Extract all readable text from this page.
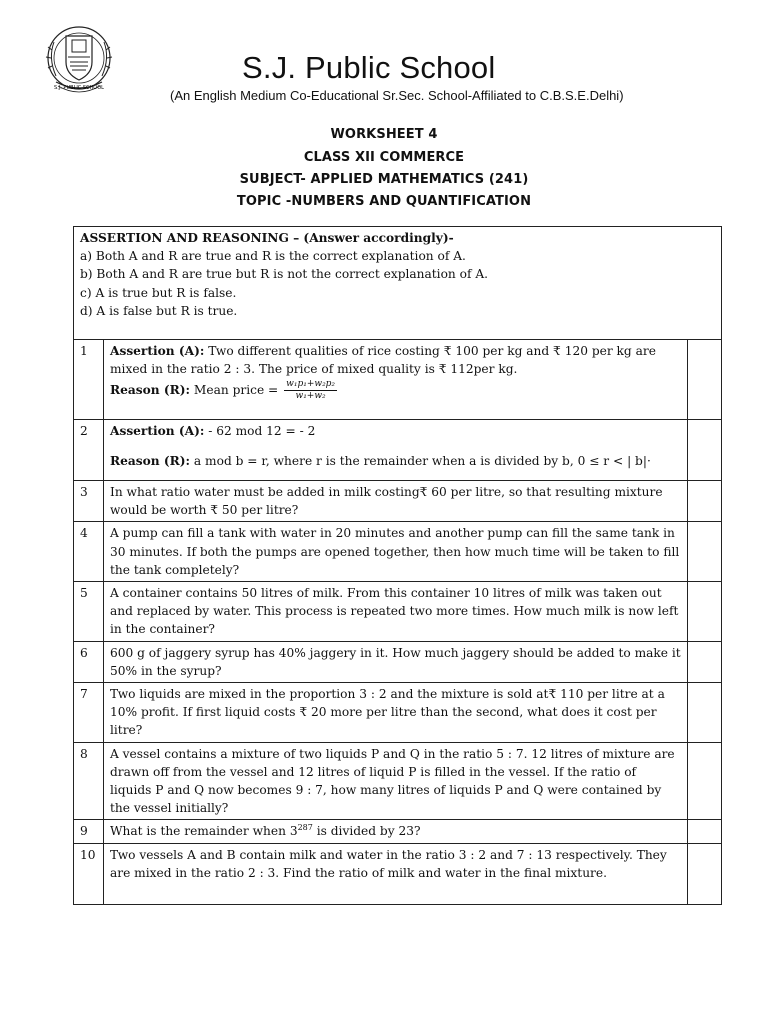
S.J. PUBLIC SCHOOL
S.J. Public School
(An English Medium Co-Educational Sr.Sec. School-Affiliated to C.B.S.E.Delhi)
WORKSHEET 4
CLASS XII COMMERCE
SUBJECT- APPLIED MATHEMATICS (241)
TOPIC -NUMBERS AND QUANTIFICATION
ASSERTION AND REASONING – (Answer accordingly)-
a) Both A and R are true and R is the correct explanation of A.
b) Both A and R are true but R is not the correct explanation of A.
c) A is true but R is false.
d) A is false but R is true.		

1	Assertion (A): Two different qualities of rice costing ₹ 100 per kg and ₹ 120 per kg are mixed in the ratio 2 : 3. The price of mixed quality is ₹ 112per kg.
Reason (R): Mean price = $\frac{\text{w₁p₁+w₂p₂}}{\text{w₁+w₂}}$

2	Assertion (A): - 62 mod 12 = - 2
Reason (R): a mod b = r, where r is the remainder when a is divided by b, 0 ≤ r < | b|·	

3	In what ratio water must be added in milk costing₹ 60 per litre, so that resulting mixture would be worth ₹ 50 per litre?	
4	A pump can fill a tank with water in 20 minutes and another pump can fill the same tank in 30 minutes. If both the pumps are opened together, then how much time will be taken to fill the tank completely?	
5	A container contains 50 litres of milk. From this container 10 litres of milk was taken out and replaced by water. This process is repeated two more times. How much milk is now left in the container?	
6	600 g of jaggery syrup has 40% jaggery in it. How much jaggery should be added to make it 50% in the syrup?	
7	Two liquids are mixed in the proportion 3 : 2 and the mixture is sold at₹ 110 per litre at a 10% profit. If first liquid costs ₹ 20 more per litre than the second, what does it cost per litre?	
8	A vessel contains a mixture of two liquids P and Q in the ratio 5 : 7. 12 litres of mixture are drawn off from the vessel and 12 litres of liquid P is filled in the vessel. If the ratio of liquids P and Q now becomes 9 : 7, how many litres of liquids P and Q were contained by the vessel initially?	
9	What is the remainder when $3^{287}$ is divided by 23?	
10	Two vessels A and B contain milk and water in the ratio 3 : 2 and 7 : 13 respectively. They are mixed in the ratio 2 : 3. Find the ratio of milk and water in the final mixture.	
